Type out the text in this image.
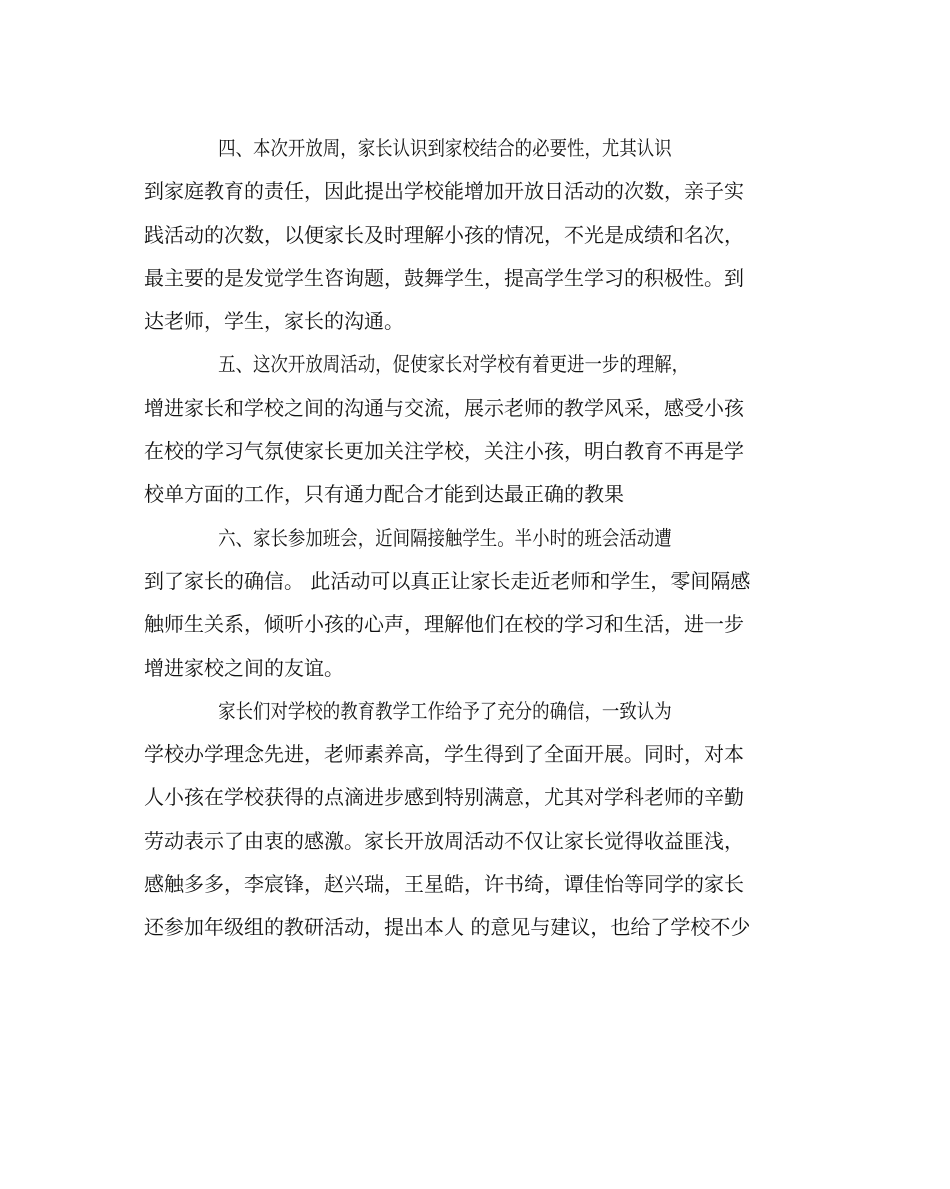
四、本次开放周，家长认识到家校结合的必要性，尤其认识
到家庭教育的责任，因此提出学校能增加开放日活动的次数，亲子实
践活动的次数，以便家长及时理解小孩的情况，不光是成绩和名次，
最主要的是发觉学生咨询题，鼓舞学生，提高学生学习的积极性。到
达老师，学生，家长的沟通。
五、这次开放周活动，促使家长对学校有着更进一步的理解，
增进家长和学校之间的沟通与交流，展示老师的教学风采，感受小孩
在校的学习气氛使家长更加关注学校，关注小孩，明白教育不再是学
校单方面的工作，只有通力配合才能到达最正确的教果
六、家长参加班会，近间隔接触学生。半小时的班会活动遭
到了家长的确信。 此活动可以真正让家长走近老师和学生，零间隔感
触师生关系，倾听小孩的心声，理解他们在校的学习和生活，进一步
增进家校之间的友谊。
家长们对学校的教育教学工作给予了充分的确信，一致认为
学校办学理念先进，老师素养高，学生得到了全面开展。同时，对本
人小孩在学校获得的点滴进步感到特别满意，尤其对学科老师的辛勤
劳动表示了由衷的感激。家长开放周活动不仅让家长觉得收益匪浅，
感触多多，李宸锋，赵兴瑞，王星皓，许书绮，谭佳怡等同学的家长
还参加年级组的教研活动，提出本人 的意见与建议，也给了学校不少
